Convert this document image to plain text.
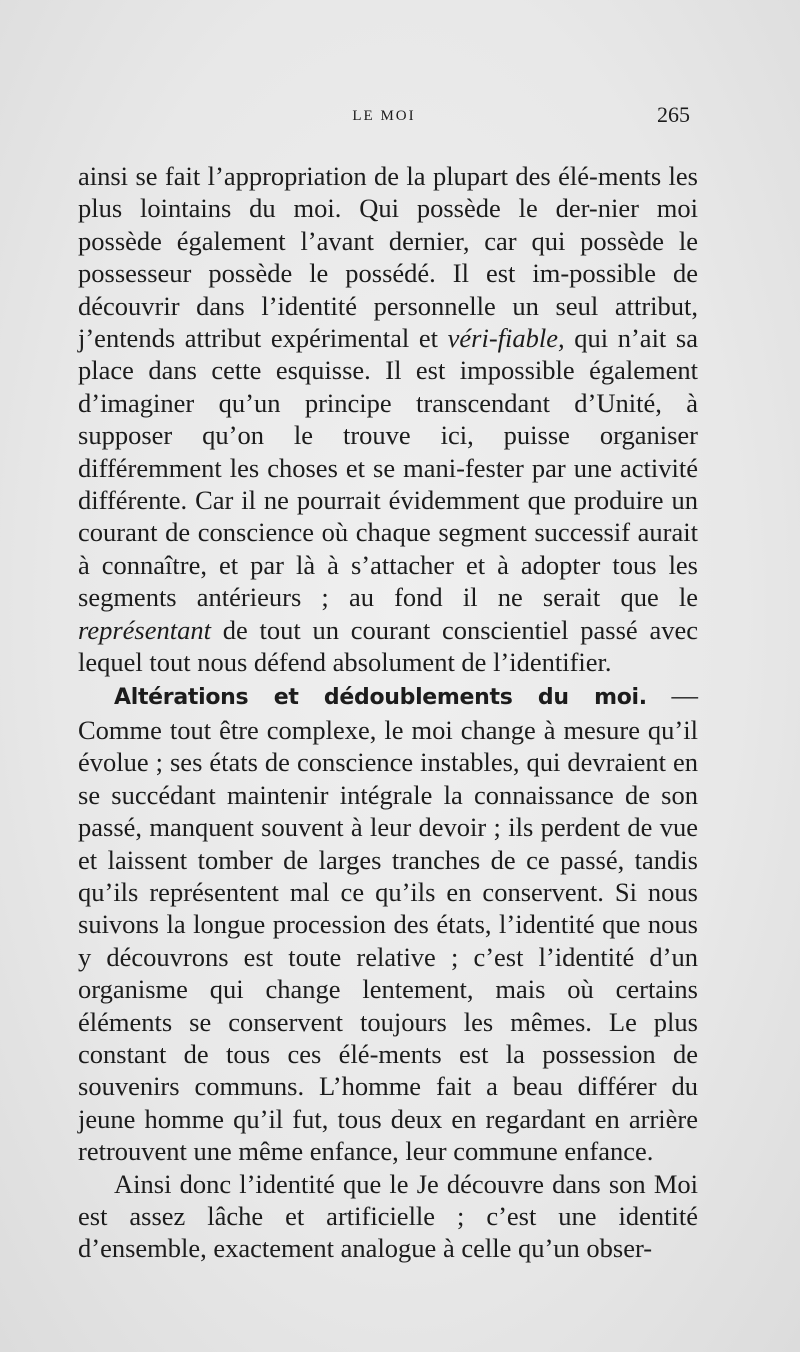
LE MOI	265

ainsi se fait l’appropriation de la plupart des élé-ments les plus lointains du moi. Qui possède le der-nier moi possède également l’avant dernier, car qui possède le possesseur possède le possédé. Il est im-possible de découvrir dans l’identité personnelle un seul attribut, j’entends attribut expérimental et véri-fiable, qui n’ait sa place dans cette esquisse. Il est impossible également d’imaginer qu’un principe transcendant d’Unité, à supposer qu’on le trouve ici, puisse organiser différemment les choses et se mani-fester par une activité différente. Car il ne pourrait évidemment que produire un courant de conscience où chaque segment successif aurait à connaître, et par là à s’attacher et à adopter tous les segments antérieurs ; au fond il ne serait que le représentant de tout un courant conscientiel passé avec lequel tout nous défend absolument de l’identifier.

Altérations et dédoublements du moi. — Comme tout être complexe, le moi change à mesure qu’il évolue ; ses états de conscience instables, qui devraient en se succédant maintenir intégrale la connaissance de son passé, manquent souvent à leur devoir ; ils perdent de vue et laissent tomber de larges tranches de ce passé, tandis qu’ils représentent mal ce qu’ils en conservent. Si nous suivons la longue procession des états, l’identité que nous y découvrons est toute relative ; c’est l’identité d’un organisme qui change lentement, mais où certains éléments se conservent toujours les mêmes. Le plus constant de tous ces élé-ments est la possession de souvenirs communs. L’homme fait a beau différer du jeune homme qu’il fut, tous deux en regardant en arrière retrouvent une même enfance, leur commune enfance.

Ainsi donc l’identité que le Je découvre dans son Moi est assez lâche et artificielle ; c’est une identité d’ensemble, exactement analogue à celle qu’un obser-
